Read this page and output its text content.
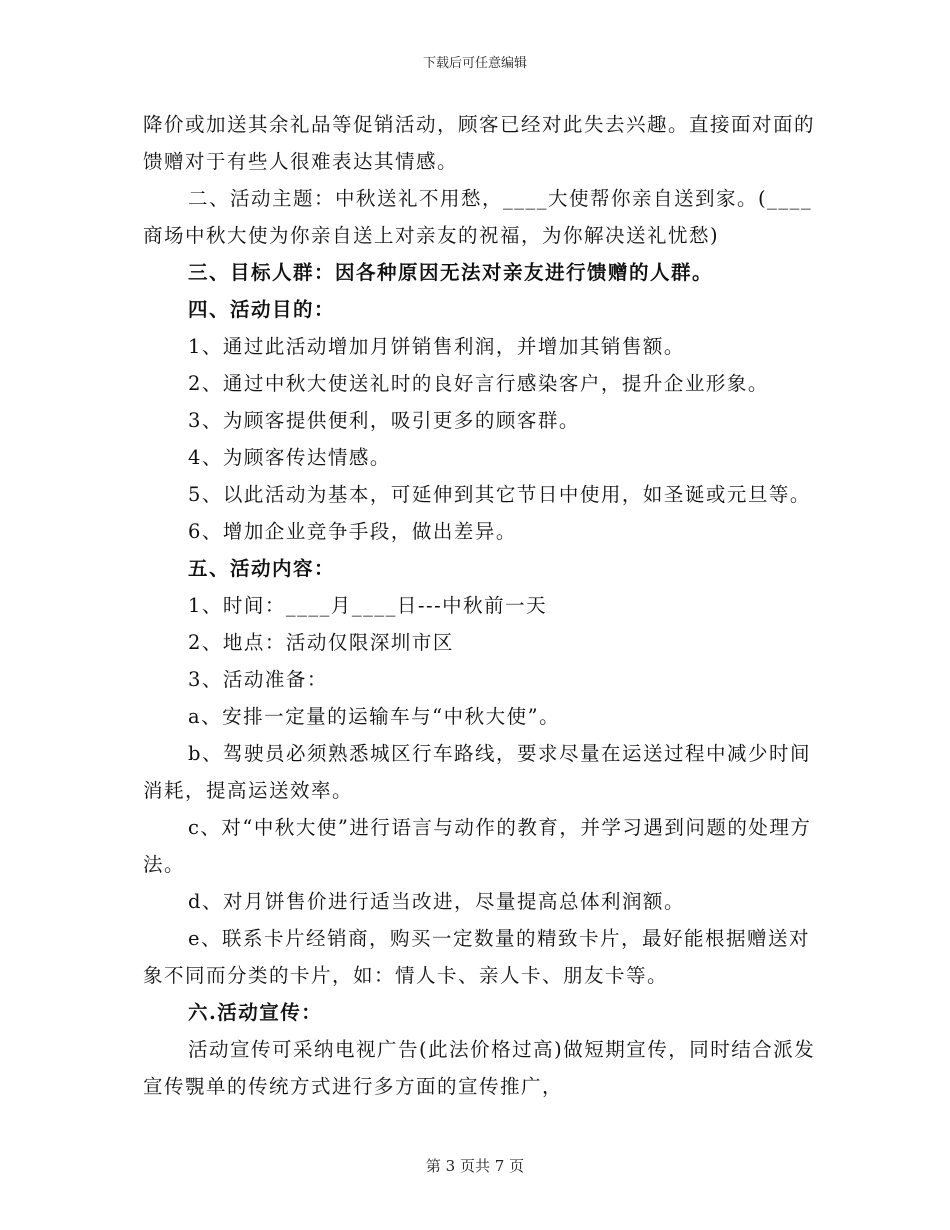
下载后可任意编辑

降价或加送其余礼品等促销活动，顾客已经对此失去兴趣。直接面对面的馈赠对于有些人很难表达其情感。

二、活动主题：中秋送礼不用愁，____大使帮你亲自送到家。(____商场中秋大使为你亲自送上对亲友的祝福，为你解决送礼忧愁)

三、目标人群：因各种原因无法对亲友进行馈赠的人群。

四、活动目的：

1、通过此活动增加月饼销售利润，并增加其销售额。

2、通过中秋大使送礼时的良好言行感染客户，提升企业形象。

3、为顾客提供便利，吸引更多的顾客群。

4、为顾客传达情感。

5、以此活动为基本，可延伸到其它节日中使用，如圣诞或元旦等。

6、增加企业竞争手段，做出差异。

五、活动内容：

1、时间：____月____日---中秋前一天

2、地点：活动仅限深圳市区

3、活动准备：

a、安排一定量的运输车与“中秋大使”。

b、驾驶员必须熟悉城区行车路线，要求尽量在运送过程中减少时间消耗，提高运送效率。

c、对“中秋大使”进行语言与动作的教育，并学习遇到问题的处理方法。

d、对月饼售价进行适当改进，尽量提高总体利润额。

e、联系卡片经销商，购买一定数量的精致卡片，最好能根据赠送对象不同而分类的卡片，如：情人卡、亲人卡、朋友卡等。

六.活动宣传：

活动宣传可采纳电视广告(此法价格过高)做短期宣传，同时结合派发宣传覨单的传统方式进行多方面的宣传推广，

第 3 页共 7 页
